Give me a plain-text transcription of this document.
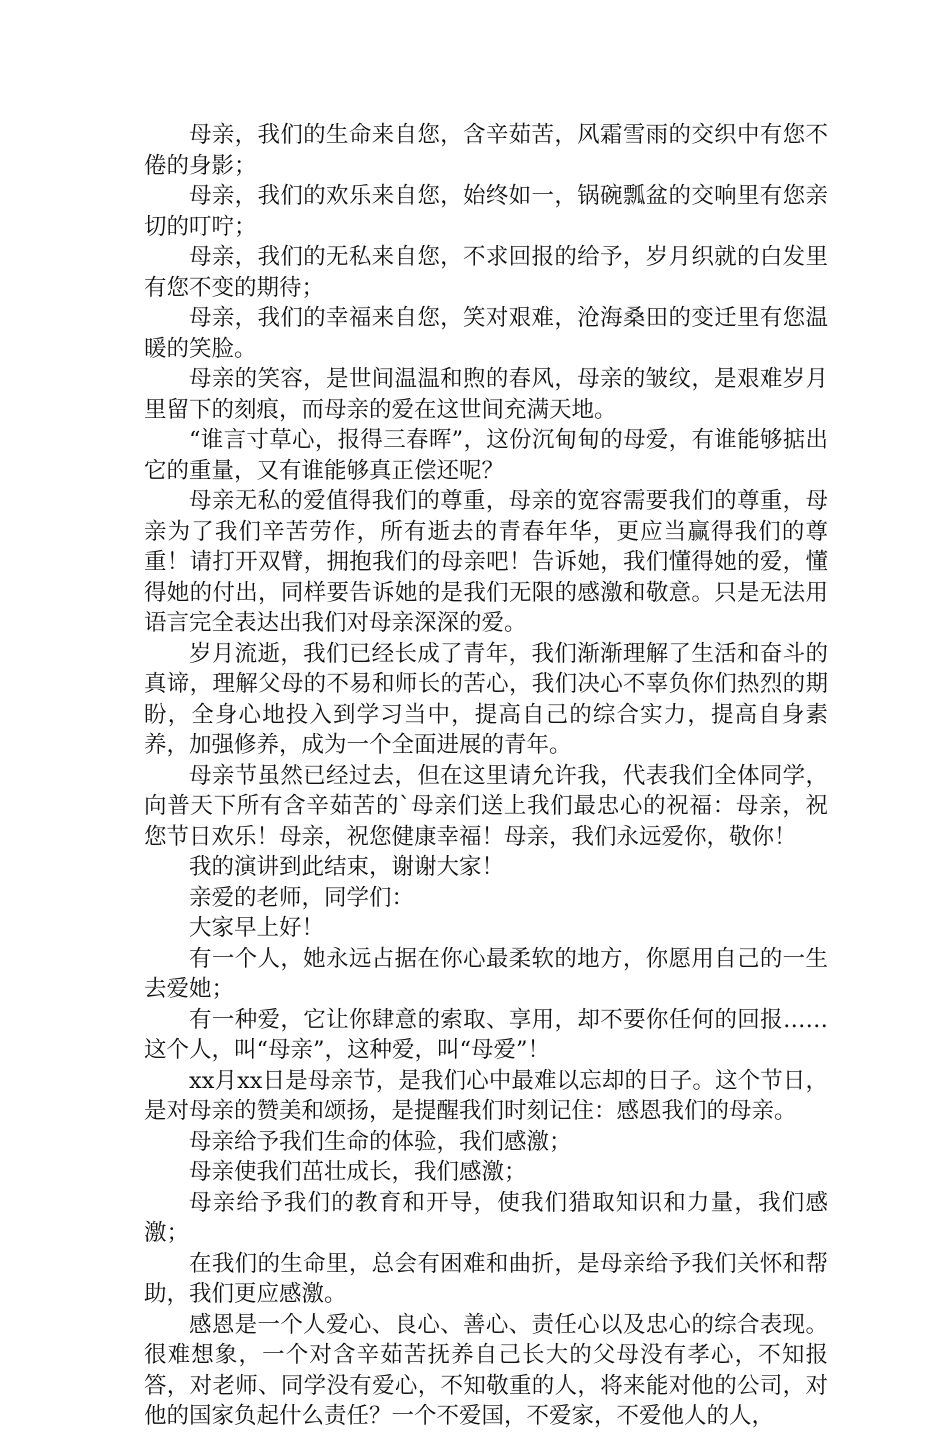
母亲，我们的生命来自您，含辛茹苦，风霜雪雨的交织中有您不倦的身影；

母亲，我们的欢乐来自您，始终如一，锅碗瓢盆的交响里有您亲切的叮咛；

母亲，我们的无私来自您，不求回报的给予，岁月织就的白发里有您不变的期待；

母亲，我们的幸福来自您，笑对艰难，沧海桑田的变迁里有您温暖的笑脸。

母亲的笑容，是世间温温和煦的春风，母亲的皱纹，是艰难岁月里留下的刻痕，而母亲的爱在这世间充满天地。

“谁言寸草心，报得三春晖”，这份沉甸甸的母爱，有谁能够掂出它的重量，又有谁能够真正偿还呢？

母亲无私的爱值得我们的尊重，母亲的宽容需要我们的尊重，母亲为了我们辛苦劳作，所有逝去的青春年华，更应当赢得我们的尊重！请打开双臂，拥抱我们的母亲吧！告诉她，我们懂得她的爱，懂得她的付出，同样要告诉她的是我们无限的感激和敬意。只是无法用语言完全表达出我们对母亲深深的爱。

岁月流逝，我们已经长成了青年，我们渐渐理解了生活和奋斗的真谛，理解父母的不易和师长的苦心，我们决心不辜负你们热烈的期盼，全身心地投入到学习当中，提高自己的综合实力，提高自身素养，加强修养，成为一个全面进展的青年。

母亲节虽然已经过去，但在这里请允许我，代表我们全体同学，向普天下所有含辛茹苦的`母亲们送上我们最忠心的祝福：母亲，祝您节日欢乐！母亲，祝您健康幸福！母亲，我们永远爱你，敬你！

我的演讲到此结束，谢谢大家！

亲爱的老师，同学们：

大家早上好！

有一个人，她永远占据在你心最柔软的地方，你愿用自己的一生去爱她；

有一种爱，它让你肆意的索取、享用，却不要你任何的回报……这个人，叫“母亲”，这种爱，叫“母爱”！

xx月xx日是母亲节，是我们心中最难以忘却的日子。这个节日，是对母亲的赞美和颂扬，是提醒我们时刻记住：感恩我们的母亲。

母亲给予我们生命的体验，我们感激；

母亲使我们茁壮成长，我们感激；

母亲给予我们的教育和开导，使我们猎取知识和力量，我们感激；

在我们的生命里，总会有困难和曲折，是母亲给予我们关怀和帮助，我们更应感激。

感恩是一个人爱心、良心、善心、责任心以及忠心的综合表现。很难想象，一个对含辛茹苦抚养自己长大的父母没有孝心，不知报答，对老师、同学没有爱心，不知敬重的人，将来能对他的公司，对他的国家负起什么责任？一个不爱国，不爱家，不爱他人的人，
